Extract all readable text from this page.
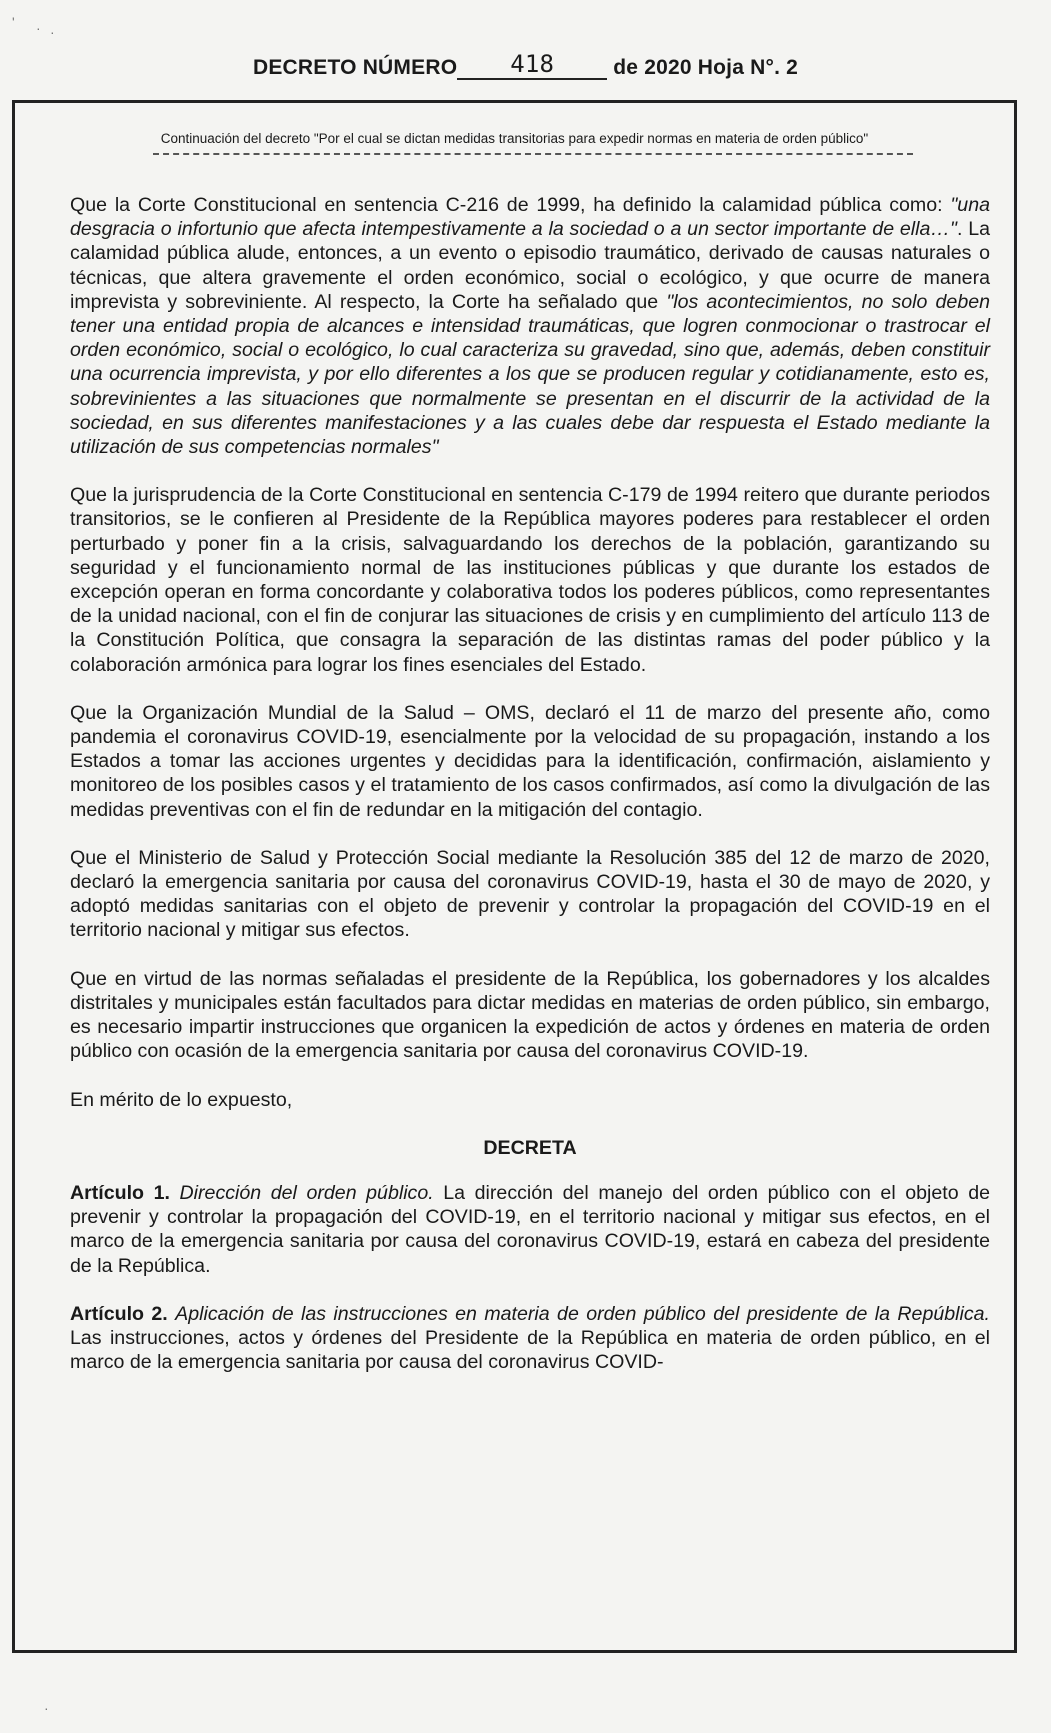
' · ·
DECRETO NÚMERO 418	de 2020 Hoja N°. 2
Continuación del decreto "Por el cual se dictan medidas transitorias para expedir normas en materia de orden público"

Que la Corte Constitucional en sentencia C-216 de 1999, ha definido la calamidad pública como: "una desgracia o infortunio que afecta intempestivamente a la sociedad o a un sector importante de ella…". La calamidad pública alude, entonces, a un evento o episodio traumático, derivado de causas naturales o técnicas, que altera gravemente el orden económico, social o ecológico, y que ocurre de manera imprevista y sobreviniente. Al respecto, la Corte ha señalado que "los acontecimientos, no solo deben tener una entidad propia de alcances e intensidad traumáticas, que logren conmocionar o trastrocar el orden económico, social o ecológico, lo cual caracteriza su gravedad, sino que, además, deben constituir una ocurrencia imprevista, y por ello diferentes a los que se producen regular y cotidianamente, esto es, sobrevinientes a las situaciones que normalmente se presentan en el discurrir de la actividad de la sociedad, en sus diferentes manifestaciones y a las cuales debe dar respuesta el Estado mediante la utilización de sus competencias normales"

Que la jurisprudencia de la Corte Constitucional en sentencia C-179 de 1994 reitero que durante periodos transitorios, se le confieren al Presidente de la República mayores poderes para restablecer el orden perturbado y poner fin a la crisis, salvaguardando los derechos de la población, garantizando su seguridad y el funcionamiento normal de las instituciones públicas y que durante los estados de excepción operan en forma concordante y colaborativa todos los poderes públicos, como representantes de la unidad nacional, con el fin de conjurar las situaciones de crisis y en cumplimiento del artículo 113 de la Constitución Política, que consagra la separación de las distintas ramas del poder público y la colaboración armónica para lograr los fines esenciales del Estado.

Que la Organización Mundial de la Salud – OMS, declaró el 11 de marzo del presente año, como pandemia el coronavirus COVID-19, esencialmente por la velocidad de su propagación, instando a los Estados a tomar las acciones urgentes y decididas para la identificación, confirmación, aislamiento y monitoreo de los posibles casos y el tratamiento de los casos confirmados, así como la divulgación de las medidas preventivas con el fin de redundar en la mitigación del contagio.

Que el Ministerio de Salud y Protección Social mediante la Resolución 385 del 12 de marzo de 2020, declaró la emergencia sanitaria por causa del coronavirus COVID-19, hasta el 30 de mayo de 2020, y adoptó medidas sanitarias con el objeto de prevenir y controlar la propagación del COVID-19 en el territorio nacional y mitigar sus efectos.

Que en virtud de las normas señaladas el presidente de la República, los gobernadores y los alcaldes distritales y municipales están facultados para dictar medidas en materias de orden público, sin embargo, es necesario impartir instrucciones que organicen la expedición de actos y órdenes en materia de orden público con ocasión de la emergencia sanitaria por causa del coronavirus COVID-19.

En mérito de lo expuesto,

DECRETA

Artículo 1. Dirección del orden público. La dirección del manejo del orden público con el objeto de prevenir y controlar la propagación del COVID-19, en el territorio nacional y mitigar sus efectos, en el marco de la emergencia sanitaria por causa del coronavirus COVID-19, estará en cabeza del presidente de la República.

Artículo 2. Aplicación de las instrucciones en materia de orden público del presidente de la República. Las instrucciones, actos y órdenes del Presidente de la República en materia de orden público, en el marco de la emergencia sanitaria por causa del coronavirus COVID-

·
